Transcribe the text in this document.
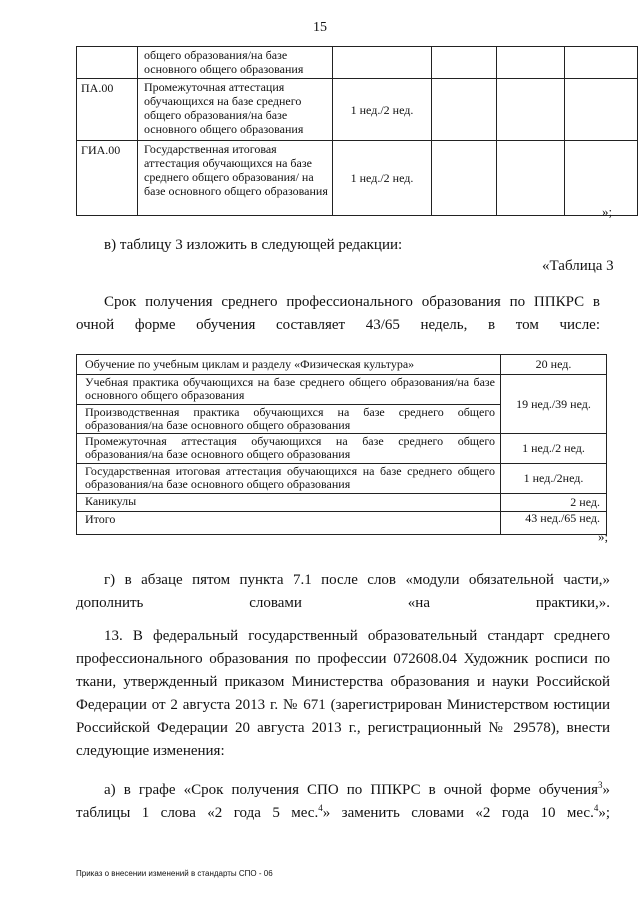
15
	общего образования/на базе основного общего образования				
ПА.00	Промежуточная аттестация обучающихся на базе среднего общего образования/на базе основного общего образования	1 нед./2 нед.			
ГИА.00	Государственная итоговая аттестация обучающихся на базе среднего общего образования/ на базе основного общего образования	1 нед./2 нед.			
»;
в) таблицу 3 изложить в следующей редакции:
«Таблица 3
Срок получения среднего профессионального образования по ППКРС в очной форме обучения составляет 43/65 недель, в том числе:
Обучение по учебным циклам и разделу «Физическая культура»	20 нед.
Учебная практика обучающихся на базе среднего общего образования/на базе основного общего образования	19 нед./39 нед.
Производственная практика обучающихся на базе среднего общего образования/на базе основного общего образования	
Промежуточная аттестация обучающихся на базе среднего общего образования/на базе основного общего образования	1 нед./2 нед.
Государственная итоговая аттестация обучающихся на базе среднего общего образования/на базе основного общего образования	1 нед./2нед.
Каникулы	2 нед.
Итого	43 нед./65 нед.
»;
г) в абзаце пятом пункта 7.1 после слов «модули обязательной части,» дополнить словами «на практики,».
13. В федеральный государственный образовательный стандарт среднего профессионального образования по профессии 072608.04 Художник росписи по ткани, утвержденный приказом Министерства образования и науки Российской Федерации от 2 августа 2013 г. № 671 (зарегистрирован Министерством юстиции Российской Федерации 20 августа 2013 г., регистрационный № 29578), внести следующие изменения:
а) в графе «Срок получения СПО по ППКРС в очной форме обучения$^3$» таблицы 1 слова «2 года 5 мес.$^4$» заменить словами «2 года 10 мес.$^4$»;
Приказ о внесении изменений в стандарты СПО - 06
